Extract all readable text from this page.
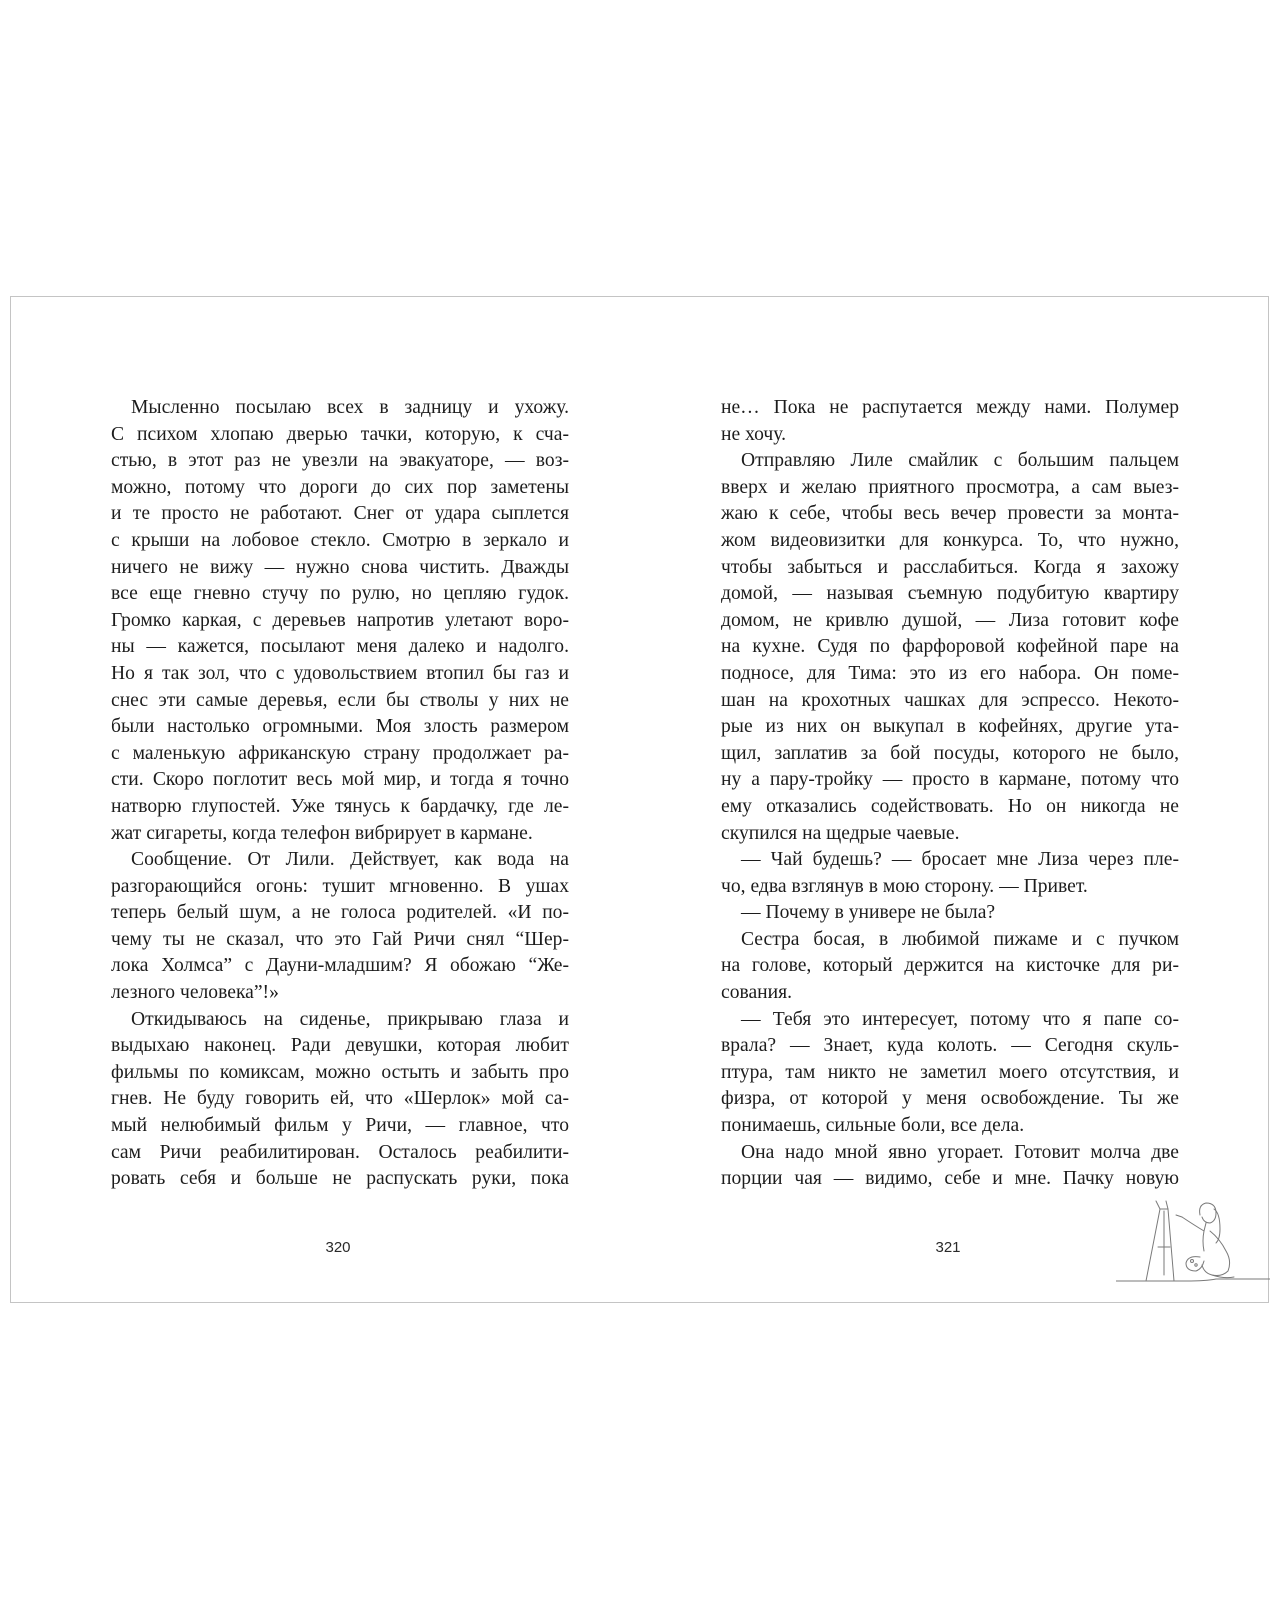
Мысленно посылаю всех в задницу и ухожу.
С психом хлопаю дверью тачки, которую, к сча-
стью, в этот раз не увезли на эвакуаторе, — воз-
можно, потому что дороги до сих пор заметены
и те просто не работают. Снег от удара сыплется
с крыши на лобовое стекло. Смотрю в зеркало и
ничего не вижу — нужно снова чистить. Дважды
все еще гневно стучу по рулю, но цепляю гудок.
Громко каркая, с деревьев напротив улетают воро-
ны — кажется, посылают меня далеко и надолго.
Но я так зол, что с удовольствием втопил бы газ и
снес эти самые деревья, если бы стволы у них не
были настолько огромными. Моя злость размером
с маленькую африканскую страну продолжает ра-
сти. Скоро поглотит весь мой мир, и тогда я точно
натворю глупостей. Уже тянусь к бардачку, где ле-
жат сигареты, когда телефон вибрирует в кармане.
Сообщение. От Лили. Действует, как вода на
разгорающийся огонь: тушит мгновенно. В ушах
теперь белый шум, а не голоса родителей. «И по-
чему ты не сказал, что это Гай Ричи снял “Шер-
лока Холмса” с Дауни-младшим? Я обожаю “Же-
лезного человека”!»
Откидываюсь на сиденье, прикрываю глаза и
выдыхаю наконец. Ради девушки, которая любит
фильмы по комиксам, можно остыть и забыть про
гнев. Не буду говорить ей, что «Шерлок» мой са-
мый нелюбимый фильм у Ричи, — главное, что
сам Ричи реабилитирован. Осталось реабилити-
ровать себя и больше не распускать руки, пока
не… Пока не распутается между нами. Полумер
не хочу.
Отправляю Лиле смайлик с большим пальцем
вверх и желаю приятного просмотра, а сам выез-
жаю к себе, чтобы весь вечер провести за монта-
жом видеовизитки для конкурса. То, что нужно,
чтобы забыться и расслабиться. Когда я захожу
домой, — называя съемную подубитую квартиру
домом, не кривлю душой, — Лиза готовит кофе
на кухне. Судя по фарфоровой кофейной паре на
подносе, для Тима: это из его набора. Он поме-
шан на крохотных чашках для эспрессо. Некото-
рые из них он выкупал в кофейнях, другие ута-
щил, заплатив за бой посуды, которого не было,
ну а пару-тройку — просто в кармане, потому что
ему отказались содействовать. Но он никогда не
скупился на щедрые чаевые.
— Чай будешь? — бросает мне Лиза через пле-
чо, едва взглянув в мою сторону. — Привет.
— Почему в универе не была?
Сестра босая, в любимой пижаме и с пучком
на голове, который держится на кисточке для ри-
сования.
— Тебя это интересует, потому что я папе со-
врала? — Знает, куда колоть. — Сегодня скуль-
птура, там никто не заметил моего отсутствия, и
физра, от которой у меня освобождение. Ты же
понимаешь, сильные боли, все дела.
Она надо мной явно угорает. Готовит молча две
порции чая — видимо, себе и мне. Пачку новую
320	321
